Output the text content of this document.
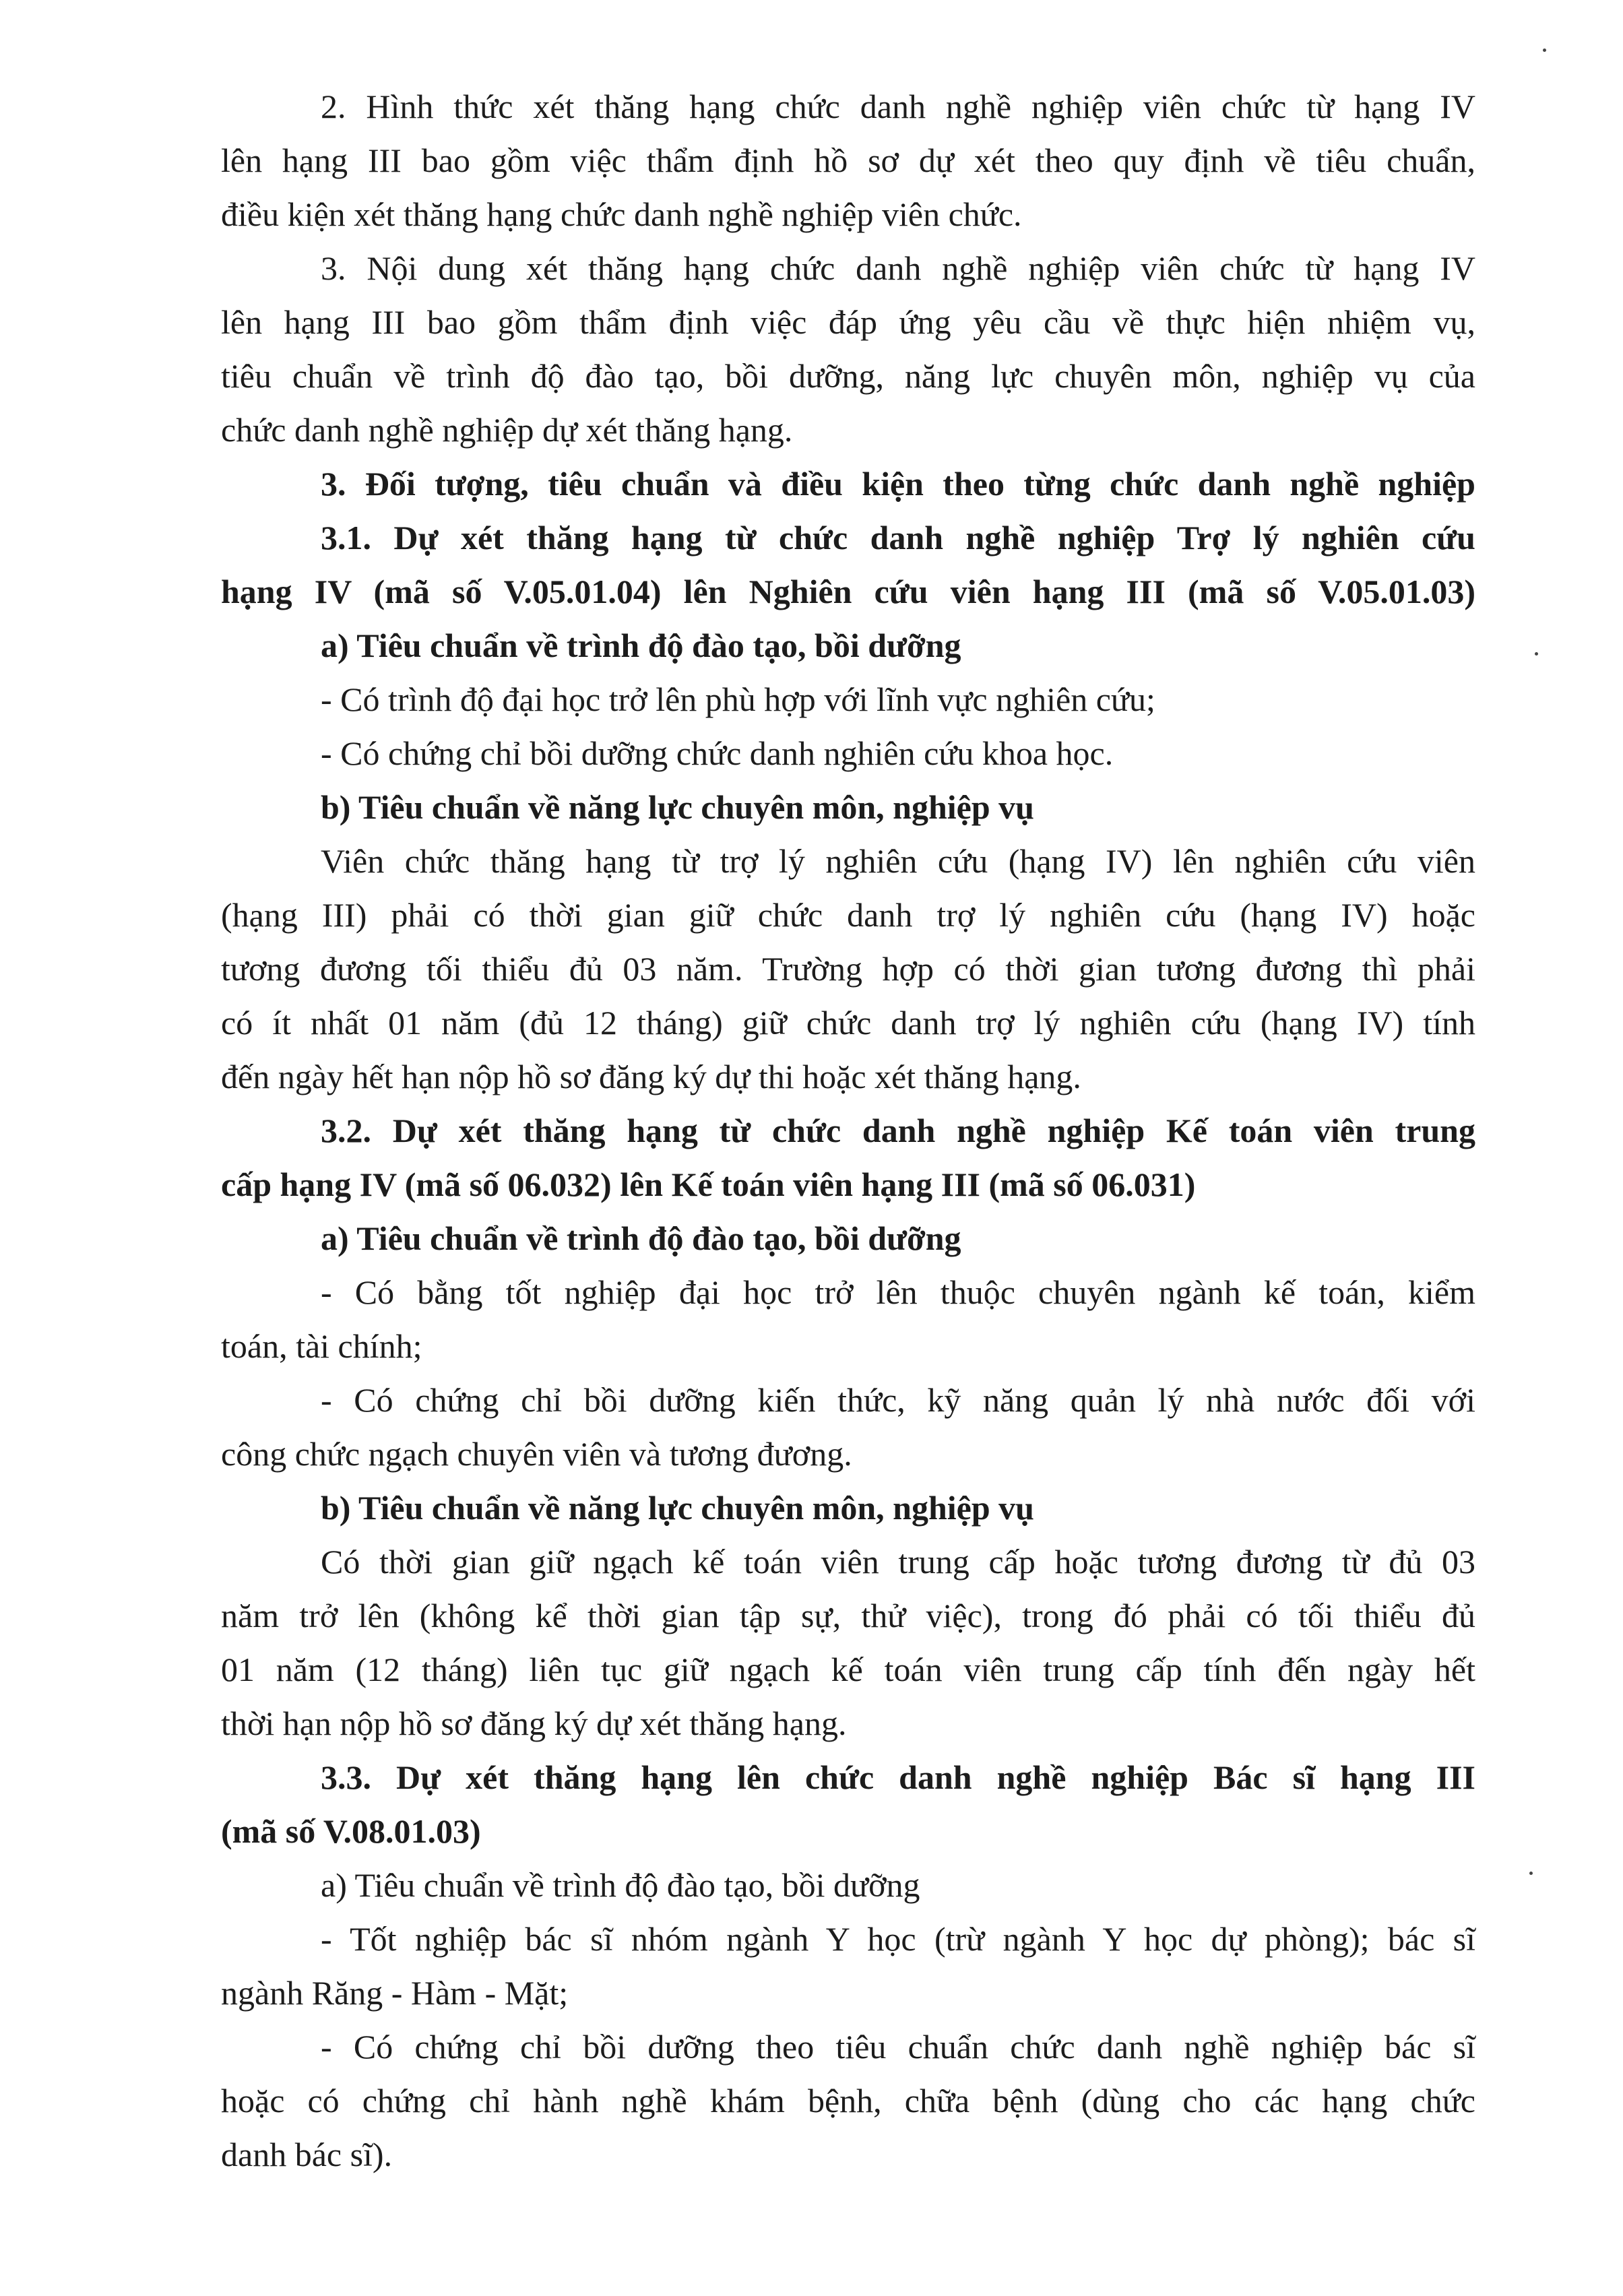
2. Hình thức xét thăng hạng chức danh nghề nghiệp viên chức từ hạng IV
lên hạng III bao gồm việc thẩm định hồ sơ dự xét theo quy định về tiêu chuẩn,
điều kiện xét thăng hạng chức danh nghề nghiệp viên chức.
3. Nội dung xét thăng hạng chức danh nghề nghiệp viên chức từ hạng IV
lên hạng III bao gồm thẩm định việc đáp ứng yêu cầu về thực hiện nhiệm vụ,
tiêu chuẩn về trình độ đào tạo, bồi dưỡng, năng lực chuyên môn, nghiệp vụ của
chức danh nghề nghiệp dự xét thăng hạng.
3. Đối tượng, tiêu chuẩn và điều kiện theo từng chức danh nghề nghiệp
3.1. Dự xét thăng hạng từ chức danh nghề nghiệp Trợ lý nghiên cứu
hạng IV (mã số V.05.01.04) lên Nghiên cứu viên hạng III (mã số V.05.01.03)
a) Tiêu chuẩn về trình độ đào tạo, bồi dưỡng
- Có trình độ đại học trở lên phù hợp với lĩnh vực nghiên cứu;
- Có chứng chỉ bồi dưỡng chức danh nghiên cứu khoa học.
b) Tiêu chuẩn về năng lực chuyên môn, nghiệp vụ
Viên chức thăng hạng từ trợ lý nghiên cứu (hạng IV) lên nghiên cứu viên
(hạng III) phải có thời gian giữ chức danh trợ lý nghiên cứu (hạng IV) hoặc
tương đương tối thiểu đủ 03 năm. Trường hợp có thời gian tương đương thì phải
có ít nhất 01 năm (đủ 12 tháng) giữ chức danh trợ lý nghiên cứu (hạng IV) tính
đến ngày hết hạn nộp hồ sơ đăng ký dự thi hoặc xét thăng hạng.
3.2. Dự xét thăng hạng từ chức danh nghề nghiệp Kế toán viên trung
cấp hạng IV (mã số 06.032) lên Kế toán viên hạng III (mã số 06.031)
a) Tiêu chuẩn về trình độ đào tạo, bồi dưỡng
- Có bằng tốt nghiệp đại học trở lên thuộc chuyên ngành kế toán, kiểm
toán, tài chính;
- Có chứng chỉ bồi dưỡng kiến thức, kỹ năng quản lý nhà nước đối với
công chức ngạch chuyên viên và tương đương.
b) Tiêu chuẩn về năng lực chuyên môn, nghiệp vụ
Có thời gian giữ ngạch kế toán viên trung cấp hoặc tương đương từ đủ 03
năm trở lên (không kể thời gian tập sự, thử việc), trong đó phải có tối thiểu đủ
01 năm (12 tháng) liên tục giữ ngạch kế toán viên trung cấp tính đến ngày hết
thời hạn nộp hồ sơ đăng ký dự xét thăng hạng.
3.3. Dự xét thăng hạng lên chức danh nghề nghiệp Bác sĩ hạng III
(mã số V.08.01.03)
a) Tiêu chuẩn về trình độ đào tạo, bồi dưỡng
- Tốt nghiệp bác sĩ nhóm ngành Y học (trừ ngành Y học dự phòng); bác sĩ
ngành Răng - Hàm - Mặt;
- Có chứng chỉ bồi dưỡng theo tiêu chuẩn chức danh nghề nghiệp bác sĩ
hoặc có chứng chỉ hành nghề khám bệnh, chữa bệnh (dùng cho các hạng chức
danh bác sĩ).
